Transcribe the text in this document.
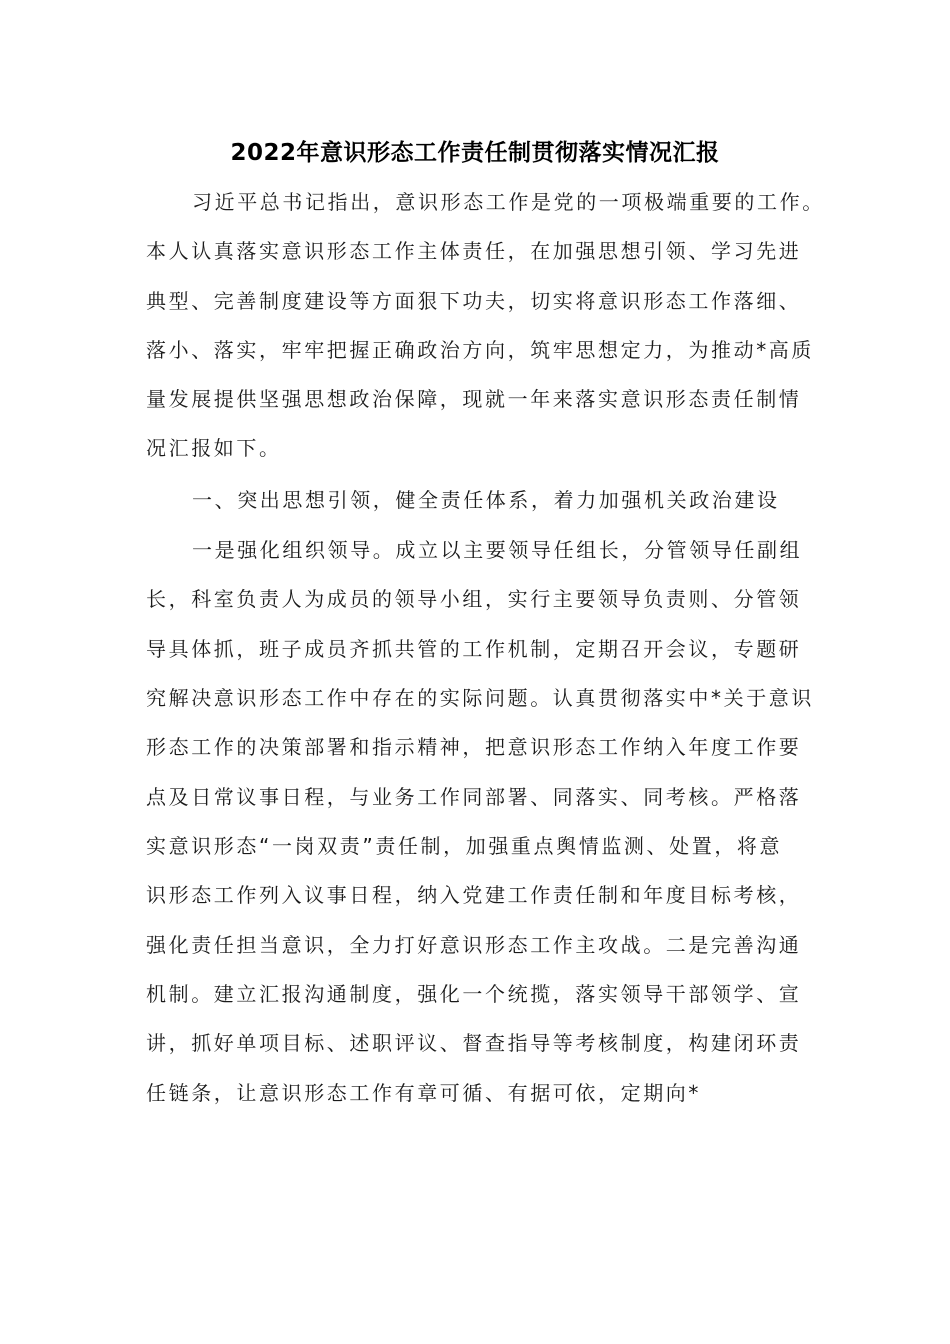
2022年意识形态工作责任制贯彻落实情况汇报
习近平总书记指出，意识形态工作是党的一项极端重要的工作。
本人认真落实意识形态工作主体责任，在加强思想引领、学习先进
典型、完善制度建设等方面狠下功夫，切实将意识形态工作落细、
落小、落实，牢牢把握正确政治方向，筑牢思想定力，为推动*高质
量发展提供坚强思想政治保障，现就一年来落实意识形态责任制情
况汇报如下。
一、突出思想引领，健全责任体系，着力加强机关政治建设
一是强化组织领导。成立以主要领导任组长，分管领导任副组
长，科室负责人为成员的领导小组，实行主要领导负责则、分管领
导具体抓，班子成员齐抓共管的工作机制，定期召开会议，专题研
究解决意识形态工作中存在的实际问题。认真贯彻落实中*关于意识
形态工作的决策部署和指示精神，把意识形态工作纳入年度工作要
点及日常议事日程，与业务工作同部署、同落实、同考核。严格落
实意识形态“一岗双责”责任制，加强重点舆情监测、处置，将意
识形态工作列入议事日程，纳入党建工作责任制和年度目标考核，
强化责任担当意识，全力打好意识形态工作主攻战。二是完善沟通
机制。建立汇报沟通制度，强化一个统揽，落实领导干部领学、宣
讲，抓好单项目标、述职评议、督查指导等考核制度，构建闭环责
任链条，让意识形态工作有章可循、有据可依，定期向*
